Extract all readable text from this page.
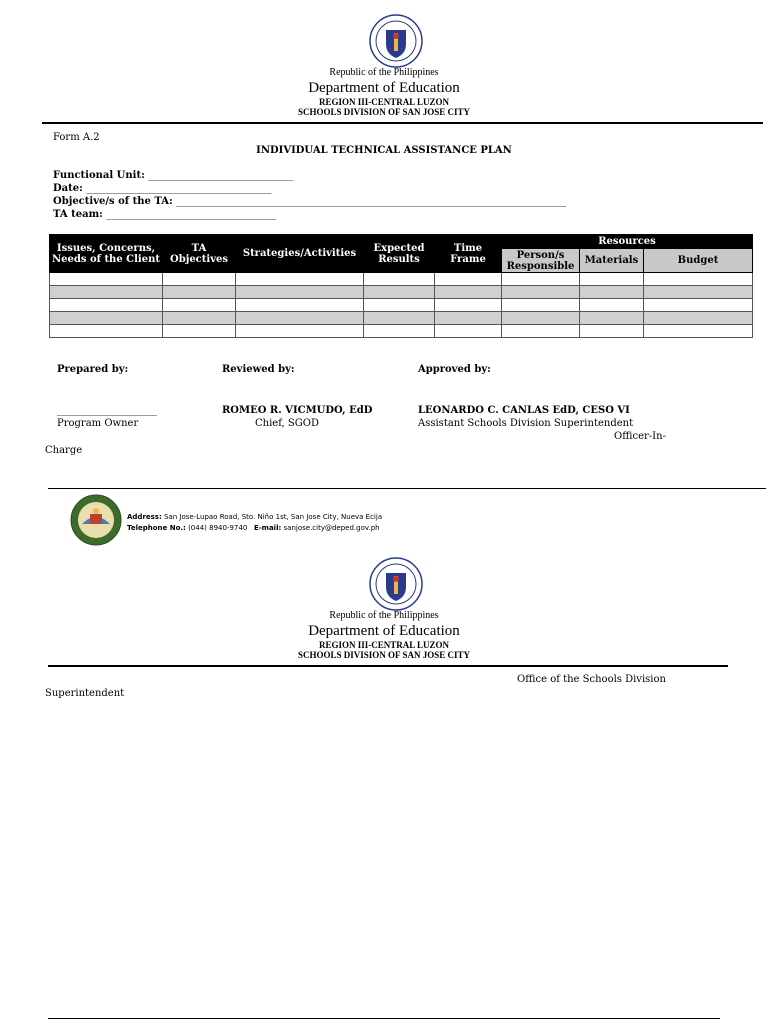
Republic of the Philippines
Department of Education
REGION III-CENTRAL LUZON
SCHOOLS DIVISION OF SAN JOSE CITY
Form A.2
INDIVIDUAL TECHNICAL ASSISTANCE PLAN
Functional Unit: _____________________________
Date: _____________________________________
Objective/s of the TA: ______________________________________________________________________________
TA team: __________________________________
Issues, Concerns, Needs of the Client	TA Objectives	Strategies/Activities	Expected Results	Time Frame	Resources		
					Person/s Responsible	Materials	Budget

Prepared by:	Reviewed by:	Approved by:
____________________	ROMEO R. VICMUDO, EdD	LEONARDO C. CANLAS EdD, CESO VI
Program Owner	Chief, SGOD	Assistant Schools Division Superintendent
Officer-In-
Charge
Address: San Jose-Lupao Road, Sto. Niño 1st, San Jose City, Nueva Ecija
Telephone No.: (044) 8940-9740 E-mail: sanjose.city@deped.gov.ph
Republic of the Philippines
Department of Education
REGION III-CENTRAL LUZON
SCHOOLS DIVISION OF SAN JOSE CITY
Office of the Schools Division
Superintendent
